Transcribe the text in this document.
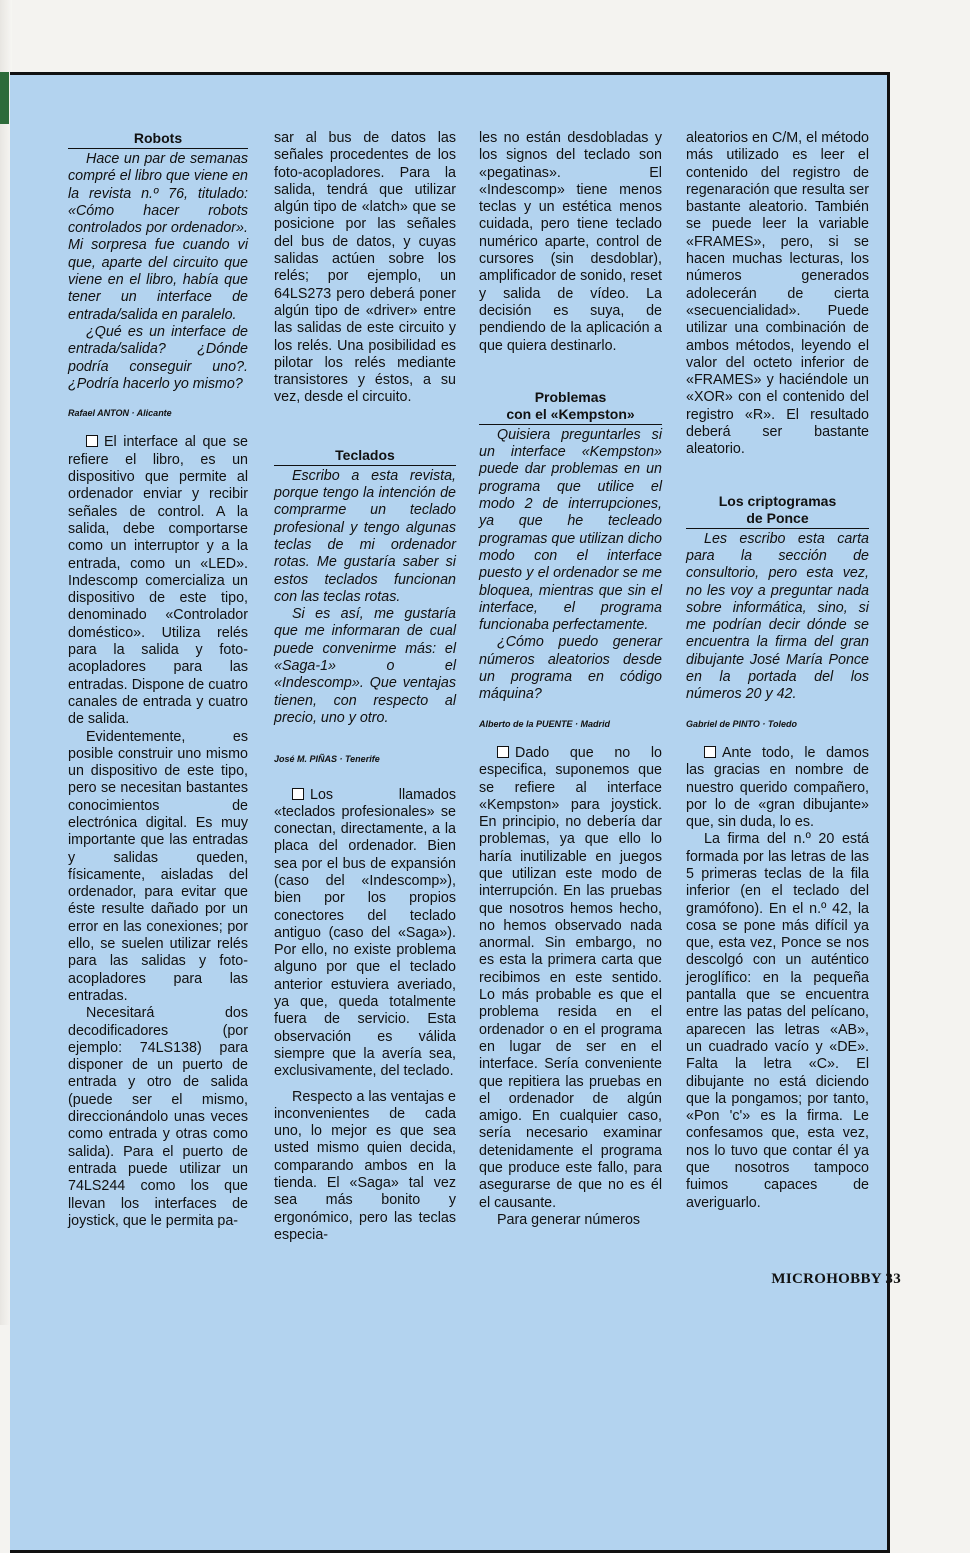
Robots

Hace un par de semanas compré el libro que viene en la revista n.º 76, titulado: «Cómo hacer robots controlados por ordenador». Mi sorpresa fue cuando vi que, aparte del circuito que viene en el libro, había que tener un interface de entrada/salida en paralelo.

¿Qué es un interface de entrada/salida? ¿Dónde podría conseguir uno?. ¿Podría hacerlo yo mismo?

Rafael ANTON · Alicante

El interface al que se refiere el libro, es un dispositivo que permite al ordenador enviar y recibir señales de control. A la salida, debe comportarse como un interruptor y a la entrada, como un «LED». Indescomp comercializa un dispositivo de este tipo, denominado «Controlador doméstico». Utiliza relés para la salida y foto-acopladores para las entradas. Dispone de cuatro canales de entrada y cuatro de salida.

Evidentemente, es posible construir uno mismo un dispositivo de este tipo, pero se necesitan bastantes conocimientos de electrónica digital. Es muy importante que las entradas y salidas queden, físicamente, aisladas del ordenador, para evitar que éste resulte dañado por un error en las conexiones; por ello, se suelen utilizar relés para las salidas y foto-acopladores para las entradas.

Necesitará dos decodificadores (por ejemplo: 74LS138) para disponer de un puerto de entrada y otro de salida (puede ser el mismo, direccionándolo unas veces como entrada y otras como salida). Para el puerto de entrada puede utilizar un 74LS244 como los que llevan los interfaces de joystick, que le permita pa-

sar al bus de datos las señales procedentes de los foto-acopladores. Para la salida, tendrá que utilizar algún tipo de «latch» que se posicione por las señales del bus de datos, y cuyas salidas actúen sobre los relés; por ejemplo, un 64LS273 pero deberá poner algún tipo de «driver» entre las salidas de este circuito y los relés. Una posibilidad es pilotar los relés mediante transistores y éstos, a su vez, desde el circuito.

Teclados

Escribo a esta revista, porque tengo la intención de comprarme un teclado profesional y tengo algunas teclas de mi ordenador rotas. Me gustaría saber si estos teclados funcionan con las teclas rotas.

Si es así, me gustaría que me informaran de cual puede convenirme más: el «Saga-1» o el «Indescomp». Que ventajas tienen, con respecto al precio, uno y otro.

José M. PIÑAS · Tenerife

Los llamados «teclados profesionales» se conectan, directamente, a la placa del ordenador. Bien sea por el bus de expansión (caso del «Indescomp»), bien por los propios conectores del teclado antiguo (caso del «Saga»). Por ello, no existe problema alguno por que el teclado anterior estuviera averiado, ya que, queda totalmente fuera de servicio. Esta observación es válida siempre que la avería sea, exclusivamente, del teclado.

Respecto a las ventajas e inconvenientes de cada uno, lo mejor es que sea usted mismo quien decida, comparando ambos en la tienda. El «Saga» tal vez sea más bonito y ergonómico, pero las teclas especia-

les no están desdobladas y los signos del teclado son «pegatinas». El «Indescomp» tiene menos teclas y un estética menos cuidada, pero tiene teclado numérico aparte, control de cursores (sin desdoblar), amplificador de sonido, reset y salida de vídeo. La decisión es suya, de pendiendo de la aplicación a que quiera destinarlo.

Problemas
con el «Kempston»

Quisiera preguntarles si un interface «Kempston» puede dar problemas en un programa que utilice el modo 2 de interrupciones, ya que he tecleado programas que utilizan dicho modo con el interface puesto y el ordenador se me bloquea, mientras que sin el interface, el programa funcionaba perfectamente.

¿Cómo puedo generar números aleatorios desde un programa en código máquina?

Alberto de la PUENTE · Madrid

Dado que no lo especifica, suponemos que se refiere al interface «Kempston» para joystick. En principio, no debería dar problemas, ya que ello lo haría inutilizable en juegos que utilizan este modo de interrupción. En las pruebas que nosotros hemos hecho, no hemos observado nada anormal. Sin embargo, no es esta la primera carta que recibimos en este sentido. Lo más probable es que el problema resida en el ordenador o en el programa en lugar de ser en el interface. Sería conveniente que repitiera las pruebas en el ordenador de algún amigo. En cualquier caso, sería necesario examinar detenidamente el programa que produce este fallo, para asegurarse de que no es él el causante.

Para generar números

aleatorios en C/M, el método más utilizado es leer el contenido del registro de regenaración que resulta ser bastante aleatorio. También se puede leer la variable «FRAMES», pero, si se hacen muchas lecturas, los números generados adolecerán de cierta «secuencialidad». Puede utilizar una combinación de ambos métodos, leyendo el valor del octeto inferior de «FRAMES» y haciéndole un «XOR» con el contenido del registro «R». El resultado deberá ser bastante aleatorio.

Los criptogramas
de Ponce

Les escribo esta carta para la sección de consultorio, pero esta vez, no les voy a preguntar nada sobre informática, sino, si me podrían decir dónde se encuentra la firma del gran dibujante José María Ponce en la portada del los números 20 y 42.

Gabriel de PINTO · Toledo

Ante todo, le damos las gracias en nombre de nuestro querido compañero, por lo de «gran dibujante» que, sin duda, lo es.

La firma del n.º 20 está formada por las letras de las 5 primeras teclas de la fila inferior (en el teclado del gramófono). En el n.º 42, la cosa se pone más difícil ya que, esta vez, Ponce se nos descolgó con un auténtico jeroglífico: en la pequeña pantalla que se encuentra entre las patas del pelícano, aparecen las letras «AB», un cuadrado vacío y «DE». Falta la letra «C». El dibujante no está diciendo que la pongamos; por tanto, «Pon 'c'» es la firma. Le confesamos que, esta vez, nos lo tuvo que contar él ya que nosotros tampoco fuimos capaces de averiguarlo.

MICROHOBBY 33
